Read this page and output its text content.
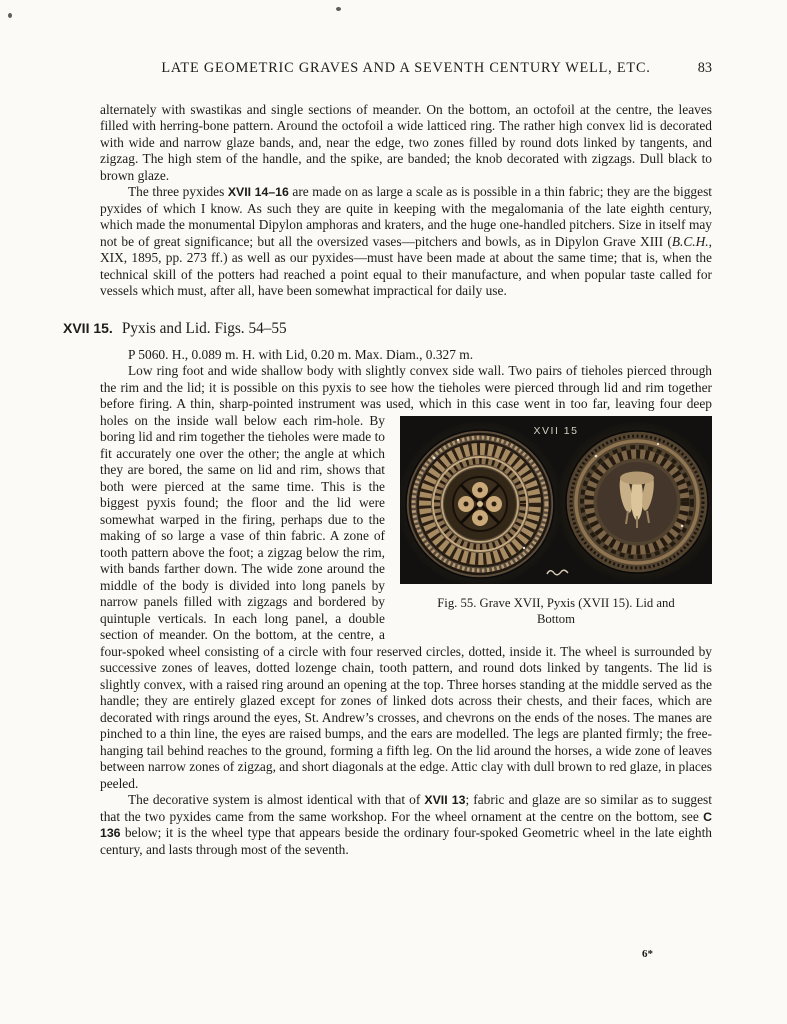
LATE GEOMETRIC GRAVES AND A SEVENTH CENTURY WELL, ETC.	83

alternately with swastikas and single sections of meander. On the bottom, an octofoil at the centre, the leaves filled with herring-bone pattern. Around the octofoil a wide latticed ring. The rather high convex lid is decorated with wide and narrow glaze bands, and, near the edge, two zones filled by round dots linked by tangents, and zigzag. The high stem of the handle, and the spike, are banded; the knob decorated with zigzags. Dull black to brown glaze.

The three pyxides XVII 14–16 are made on as large a scale as is possible in a thin fabric; they are the biggest pyxides of which I know. As such they are quite in keeping with the megalomania of the late eighth century, which made the monumental Dipylon amphoras and kraters, and the huge one-handled pitchers. Size in itself may not be of great significance; but all the oversized vases—pitchers and bowls, as in Dipylon Grave XIII (B.C.H., XIX, 1895, pp. 273 ff.) as well as our pyxides—must have been made at about the same time; that is, when the technical skill of the potters had reached a point equal to their manufacture, and when popular taste called for vessels which must, after all, have been somewhat impractical for daily use.

XVII 15. Pyxis and Lid. Figs. 54–55

P 5060. H., 0.089 m. H. with Lid, 0.20 m. Max. Diam., 0.327 m.

Low ring foot and wide shallow body with slightly convex side wall. Two pairs of tieholes pierced through the rim and the lid; it is possible on this pyxis to see how the tieholes were pierced through lid and rim together before firing. A thin, sharp-pointed instrument was used,
XVII 15
Fig. 55. Grave XVII, Pyxis (XVII 15). Lid and
Bottom
which in this case went in too far, leaving four deep holes on the inside wall below each rim-hole. By boring lid and rim together the tieholes were made to fit accurately one over the other; the angle at which they are bored, the same on lid and rim, shows that both were pierced at the same time. This is the biggest pyxis found; the floor and the lid were somewhat warped in the firing, perhaps due to the making of so large a vase of thin fabric. A zone of tooth pattern above the foot; a zigzag below the rim, with bands farther down. The wide zone around the middle of the body is divided into long panels by narrow panels filled with zigzags and bordered by quintuple verticals. In each long panel, a double section of meander. On the bottom, at the centre, a four-spoked wheel consisting of a circle with four reserved circles, dotted, inside it. The wheel is surrounded by successive zones of leaves, dotted lozenge chain, tooth pattern, and round dots linked by tangents. The lid is slightly convex, with a raised ring around an opening at the top. Three horses standing at the middle served as the handle; they are entirely glazed except for zones of linked dots across their chests, and their faces, which are decorated with rings around the eyes, St. Andrew’s crosses, and chevrons on the ends of the noses. The manes are pinched to a thin line, the eyes are raised bumps, and the ears are modelled. The legs are planted firmly; the free-hanging tail behind reaches to the ground, forming a fifth leg. On the lid around the horses, a wide zone of leaves between narrow zones of zigzag, and short diagonals at the edge. Attic clay with dull brown to red glaze, in places peeled.

The decorative system is almost identical with that of XVII 13; fabric and glaze are so similar as to suggest that the two pyxides came from the same workshop. For the wheel ornament at the centre on the bottom, see C 136 below; it is the wheel type that appears beside the ordinary four-spoked Geometric wheel in the late eighth century, and lasts through most of the seventh.

6*
